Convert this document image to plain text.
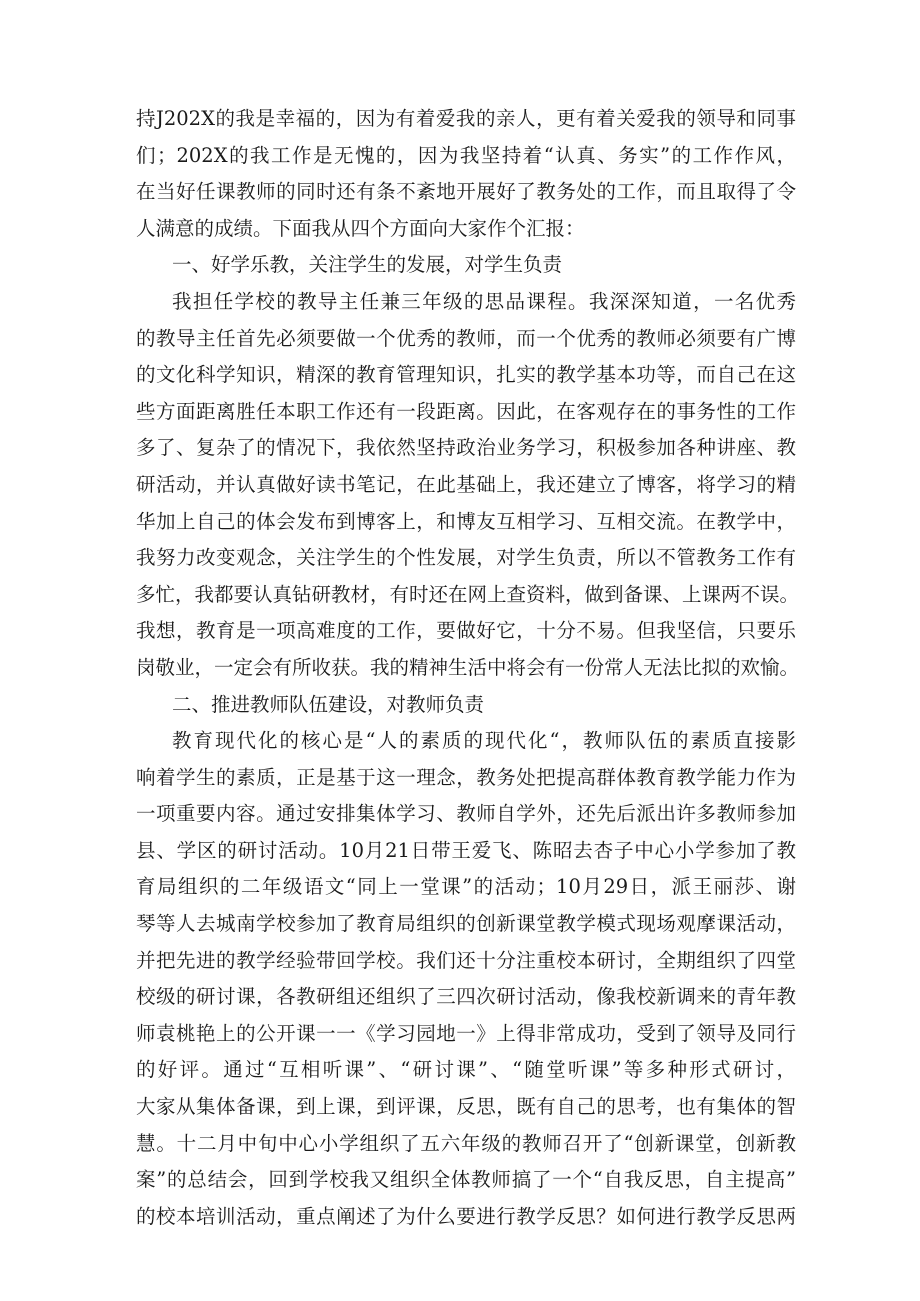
持J202X的我是幸福的，因为有着爱我的亲人，更有着关爱我的领导和同事
们；202X的我工作是无愧的，因为我坚持着“认真、务实”的工作作风，
在当好任课教师的同时还有条不紊地开展好了教务处的工作，而且取得了令
人满意的成绩。下面我从四个方面向大家作个汇报：
一、好学乐教，关注学生的发展，对学生负责
我担任学校的教导主任兼三年级的思品课程。我深深知道，一名优秀
的教导主任首先必须要做一个优秀的教师，而一个优秀的教师必须要有广博
的文化科学知识，精深的教育管理知识，扎实的教学基本功等，而自己在这
些方面距离胜任本职工作还有一段距离。因此，在客观存在的事务性的工作
多了、复杂了的情况下，我依然坚持政治业务学习，积极参加各种讲座、教
研活动，并认真做好读书笔记，在此基础上，我还建立了博客，将学习的精
华加上自己的体会发布到博客上，和博友互相学习、互相交流。在教学中，
我努力改变观念，关注学生的个性发展，对学生负责，所以不管教务工作有
多忙，我都要认真钻研教材，有时还在网上查资料，做到备课、上课两不误。
我想，教育是一项高难度的工作，要做好它，十分不易。但我坚信，只要乐
岗敬业，一定会有所收获。我的精神生活中将会有一份常人无法比拟的欢愉。
二、推进教师队伍建设，对教师负责
教育现代化的核心是“人的素质的现代化“，教师队伍的素质直接影
响着学生的素质，正是基于这一理念，教务处把提高群体教育教学能力作为
一项重要内容。通过安排集体学习、教师自学外，还先后派出许多教师参加
县、学区的研讨活动。10月21日带王爱飞、陈昭去杏子中心小学参加了教
育局组织的二年级语文“同上一堂课”的活动；10月29日，派王丽莎、谢
琴等人去城南学校参加了教育局组织的创新课堂教学模式现场观摩课活动，
并把先进的教学经验带回学校。我们还十分注重校本研讨，全期组织了四堂
校级的研讨课，各教研组还组织了三四次研讨活动，像我校新调来的青年教
师袁桃艳上的公开课一一《学习园地一》上得非常成功，受到了领导及同行
的好评。通过“互相听课”、“研讨课”、“随堂听课”等多种形式研讨，
大家从集体备课，到上课，到评课，反思，既有自己的思考，也有集体的智
慧。十二月中旬中心小学组织了五六年级的教师召开了“创新课堂，创新教
案”的总结会，回到学校我又组织全体教师搞了一个“自我反思，自主提高”
的校本培训活动，重点阐述了为什么要进行教学反思？如何进行教学反思两
